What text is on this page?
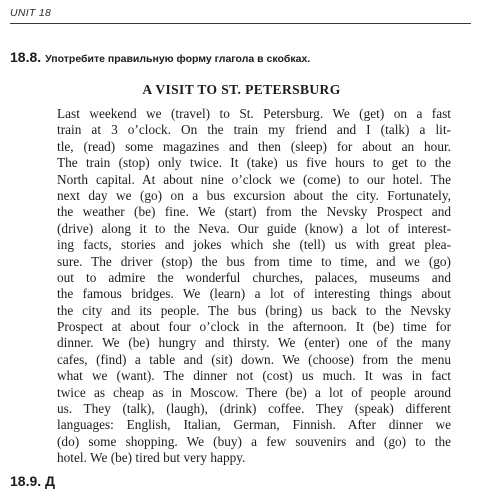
UNIT 18
18.8. Употребите правильную форму глагола в скобках.
A VISIT TO ST. PETERSBURG
Last weekend we (travel) to St. Petersburg. We (get) on a fast
train at 3 o’clock. On the train my friend and I (talk) a lit-
tle, (read) some magazines and then (sleep) for about an hour.
The train (stop) only twice. It (take) us five hours to get to the
North capital. At about nine o’clock we (come) to our hotel. The
next day we (go) on a bus excursion about the city. Fortunately,
the weather (be) fine. We (start) from the Nevsky Prospect and
(drive) along it to the Neva. Our guide (know) a lot of interest-
ing facts, stories and jokes which she (tell) us with great plea-
sure. The driver (stop) the bus from time to time, and we (go)
out to admire the wonderful churches, palaces, museums and
the famous bridges. We (learn) a lot of interesting things about
the city and its people. The bus (bring) us back to the Nevsky
Prospect at about four o’clock in the afternoon. It (be) time for
dinner. We (be) hungry and thirsty. We (enter) one of the many
cafes, (find) a table and (sit) down. We (choose) from the menu
what we (want). The dinner not (cost) us much. It was in fact
twice as cheap as in Moscow. There (be) a lot of people around
us. They (talk), (laugh), (drink) coffee. They (speak) different
languages: English, Italian, German, Finnish. After dinner we
(do) some shopping. We (buy) a few souvenirs and (go) to the
hotel. We (be) tired but very happy.
18.9. Д
